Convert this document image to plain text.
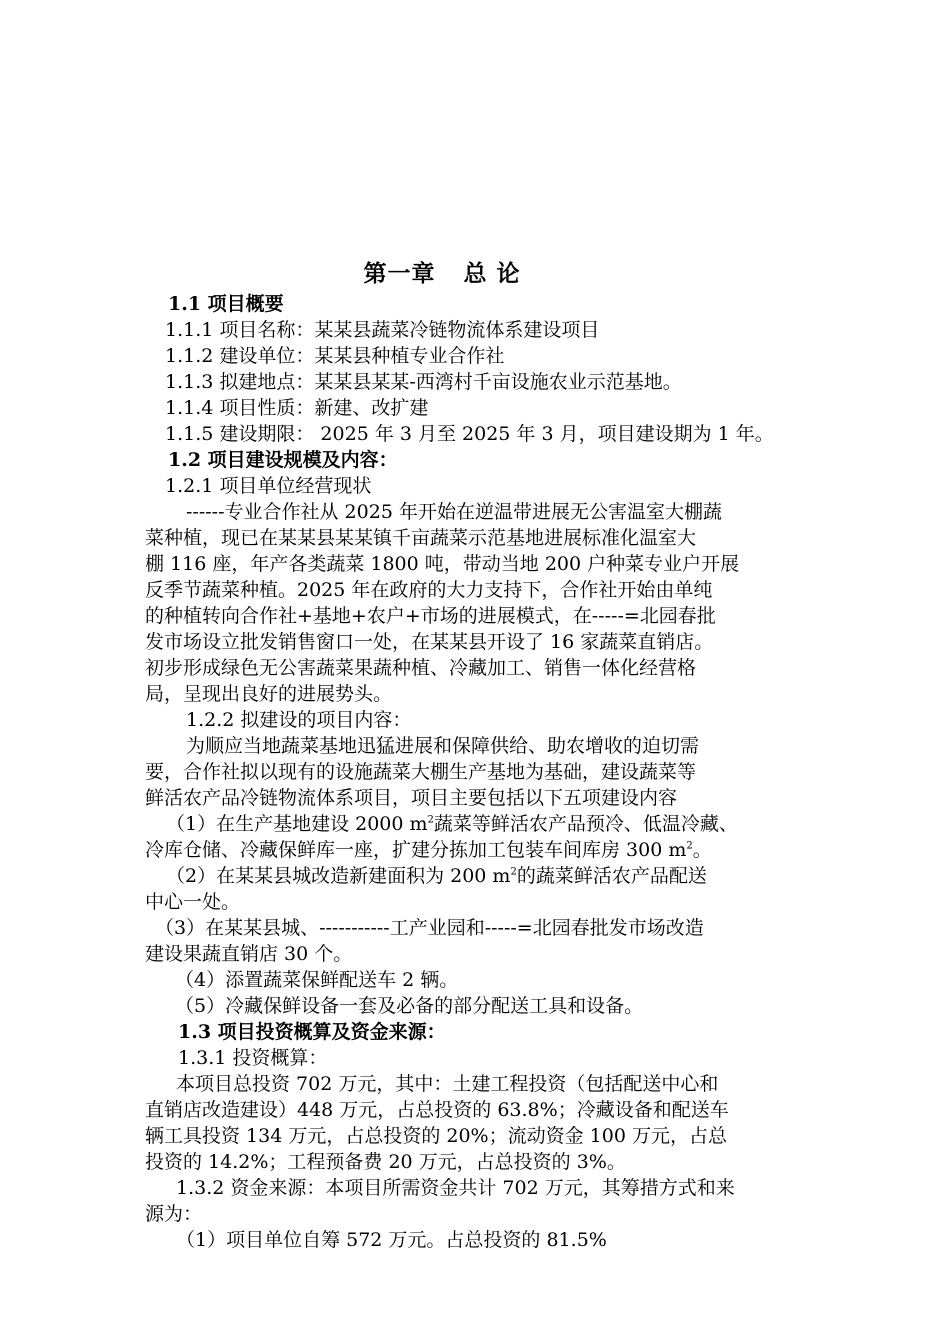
第一章 总 论
1.1 项目概要
1.1.1 项目名称：某某县蔬菜冷链物流体系建设项目
1.1.2 建设单位：某某县种植专业合作社
1.1.3 拟建地点：某某县某某-西湾村千亩设施农业示范基地。
1.1.4 项目性质：新建、改扩建
1.1.5 建设期限： 2025 年 3 月至 2025 年 3 月，项目建设期为 1 年。
1.2 项目建设规模及内容：
1.2.1 项目单位经营现状
------专业合作社从 2025 年开始在逆温带进展无公害温室大棚蔬
菜种植，现已在某某县某某镇千亩蔬菜示范基地进展标准化温室大
棚 116 座，年产各类蔬菜 1800 吨，带动当地 200 户种菜专业户开展
反季节蔬菜种植。2025 年在政府的大力支持下，合作社开始由单纯
的种植转向合作社+基地+农户+市场的进展模式，在-----=北园春批
发市场设立批发销售窗口一处，在某某县开设了 16 家蔬菜直销店。
初步形成绿色无公害蔬菜果蔬种植、冷藏加工、销售一体化经营格
局，呈现出良好的进展势头。
1.2.2 拟建设的项目内容：
为顺应当地蔬菜基地迅猛进展和保障供给、助农增收的迫切需
要，合作社拟以现有的设施蔬菜大棚生产基地为基础，建设蔬菜等
鲜活农产品冷链物流体系项目，项目主要包括以下五项建设内容
（1）在生产基地建设 2000 $m^2$蔬菜等鲜活农产品预冷、低温冷藏、
冷库仓储、冷藏保鲜库一座，扩建分拣加工包装车间库房 300 $m^2$。
（2）在某某县城改造新建面积为 200 $m^2$的蔬菜鲜活农产品配送
中心一处。
（3）在某某县城、-----------工产业园和-----=北园春批发市场改造
建设果蔬直销店 30 个。
（4）添置蔬菜保鲜配送车 2 辆。
（5）冷藏保鲜设备一套及必备的部分配送工具和设备。
1.3 项目投资概算及资金来源：
1.3.1 投资概算：
本项目总投资 702 万元，其中：土建工程投资（包括配送中心和
直销店改造建设）448 万元，占总投资的 63.8%；冷藏设备和配送车
辆工具投资 134 万元，占总投资的 20%；流动资金 100 万元，占总
投资的 14.2%；工程预备费 20 万元，占总投资的 3%。
1.3.2 资金来源：本项目所需资金共计 702 万元，其筹措方式和来
源为：
（1）项目单位自筹 572 万元。占总投资的 81.5%
